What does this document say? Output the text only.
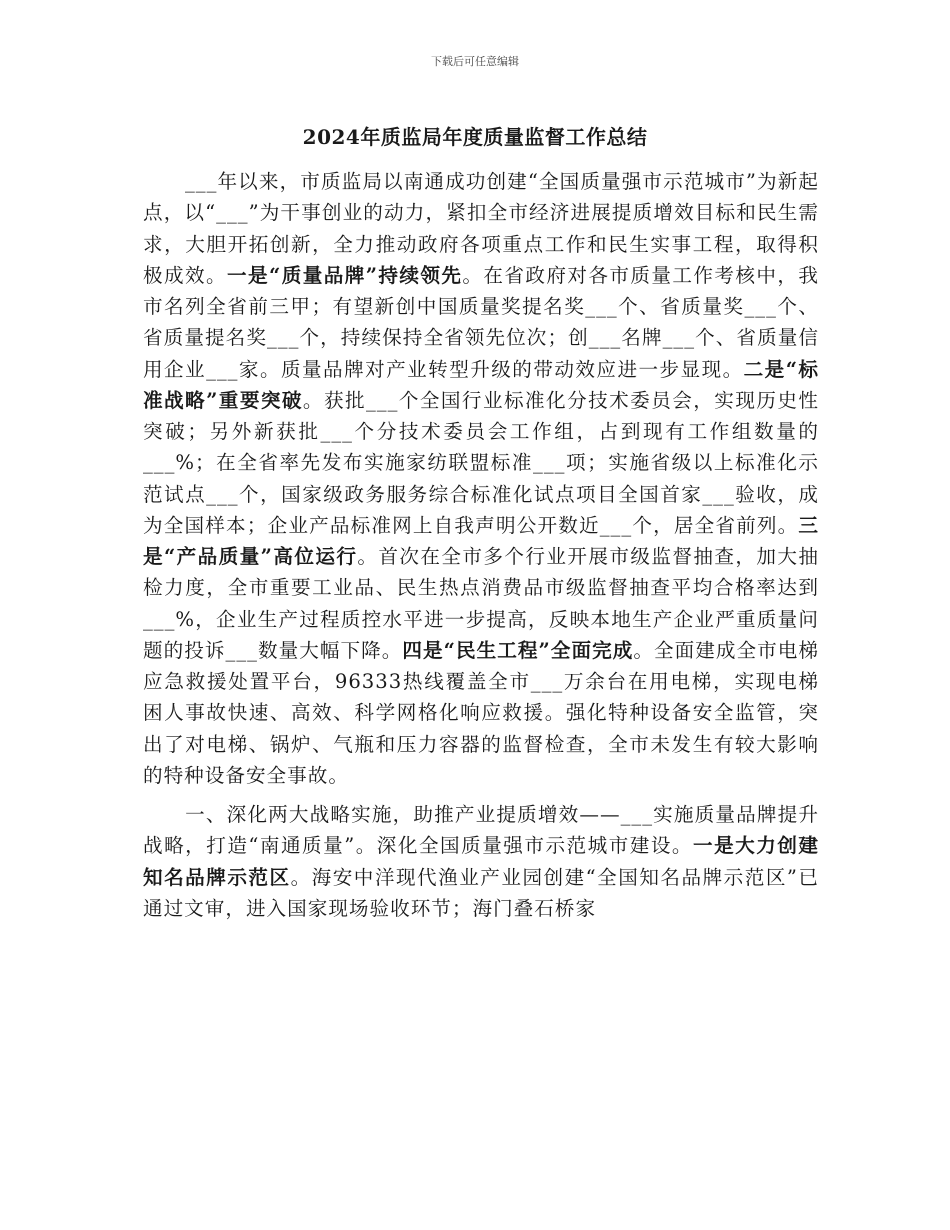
下载后可任意编辑
2024年质监局年度质量监督工作总结

___年以来，市质监局以南通成功创建“全国质量强市示范城市”为新起点，以“___”为干事创业的动力，紧扣全市经济进展提质增效目标和民生需求，大胆开拓创新，全力推动政府各项重点工作和民生实事工程，取得积极成效。一是“质量品牌”持续领先。在省政府对各市质量工作考核中，我市名列全省前三甲；有望新创中国质量奖提名奖___个、省质量奖___个、省质量提名奖___个，持续保持全省领先位次；创___名牌___个、省质量信用企业___家。质量品牌对产业转型升级的带动效应进一步显现。二是“标准战略”重要突破。获批___个全国行业标准化分技术委员会，实现历史性突破；另外新获批___个分技术委员会工作组，占到现有工作组数量的___%；在全省率先发布实施家纺联盟标准___项；实施省级以上标准化示范试点___个，国家级政务服务综合标准化试点项目全国首家___验收，成为全国样本；企业产品标准网上自我声明公开数近___个，居全省前列。三是“产品质量”高位运行。首次在全市多个行业开展市级监督抽查，加大抽检力度，全市重要工业品、民生热点消费品市级监督抽查平均合格率达到___%，企业生产过程质控水平进一步提高，反映本地生产企业严重质量问题的投诉___数量大幅下降。四是“民生工程”全面完成。全面建成全市电梯应急救援处置平台，96333热线覆盖全市___万余台在用电梯，实现电梯困人事故快速、高效、科学网格化响应救援。强化特种设备安全监管，突出了对电梯、锅炉、气瓶和压力容器的监督检查，全市未发生有较大影响的特种设备安全事故。

一、深化两大战略实施，助推产业提质增效——___实施质量品牌提升战略，打造“南通质量”。深化全国质量强市示范城市建设。一是大力创建知名品牌示范区。海安中洋现代渔业产业园创建“全国知名品牌示范区”已通过文审，进入国家现场验收环节；海门叠石桥家
